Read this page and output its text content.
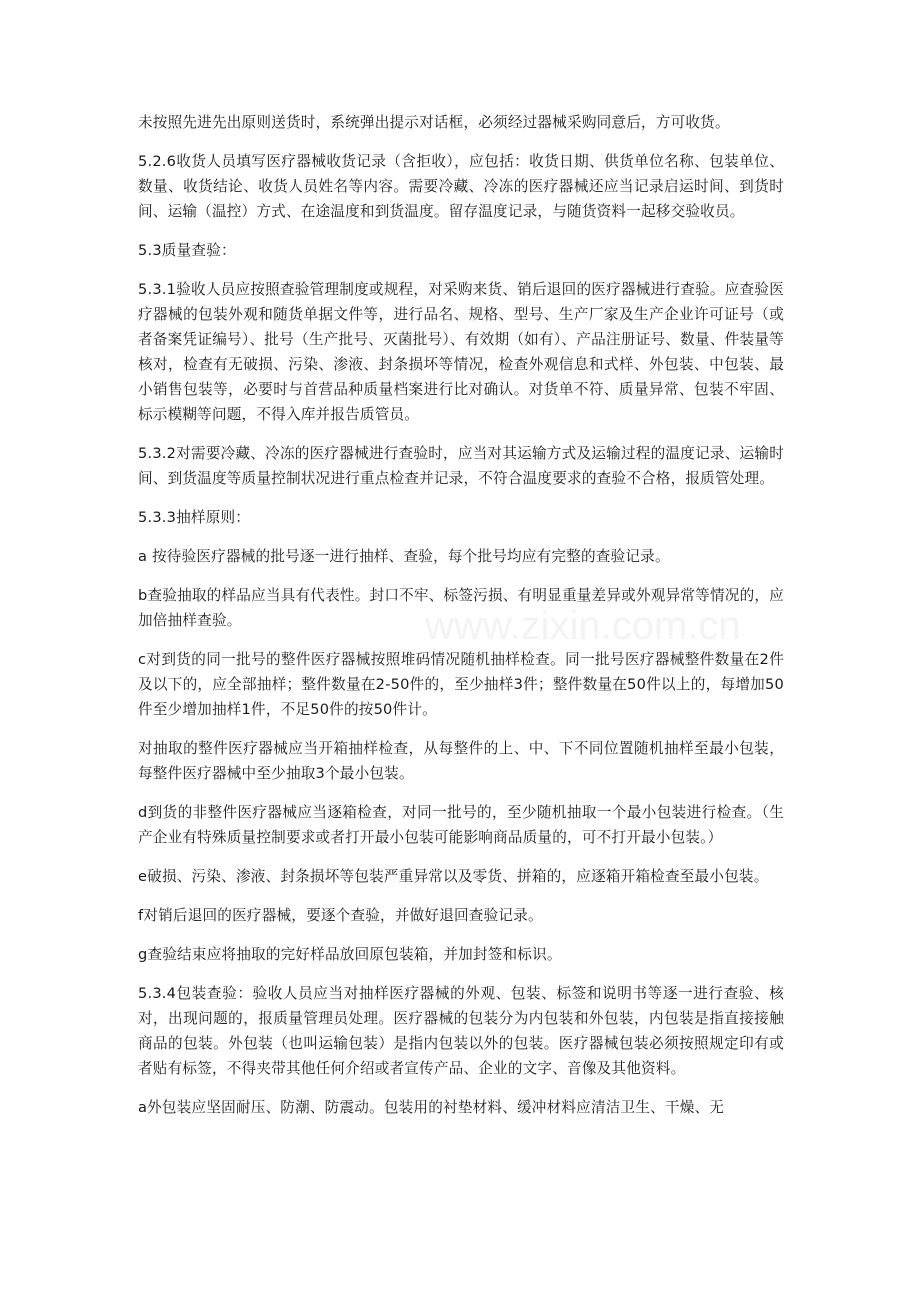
未按照先进先出原则送货时，系统弹出提示对话框，必须经过器械采购同意后，方可收货。

5.2.6收货人员填写医疗器械收货记录（含拒收），应包括：收货日期、供货单位名称、包装单位、数量、收货结论、收货人员姓名等内容。需要冷藏、冷冻的医疗器械还应当记录启运时间、到货时间、运输（温控）方式、在途温度和到货温度。留存温度记录，与随货资料一起移交验收员。

5.3质量查验：

5.3.1验收人员应按照查验管理制度或规程，对采购来货、销后退回的医疗器械进行查验。应查验医疗器械的包装外观和随货单据文件等，进行品名、规格、型号、生产厂家及生产企业许可证号（或者备案凭证编号）、批号（生产批号、灭菌批号）、有效期（如有）、产品注册证号、数量、件装量等核对，检查有无破损、污染、渗液、封条损坏等情况，检查外观信息和式样、外包装、中包装、最小销售包装等，必要时与首营品种质量档案进行比对确认。对货单不符、质量异常、包装不牢固、标示模糊等问题，不得入库并报告质管员。

5.3.2对需要冷藏、冷冻的医疗器械进行查验时，应当对其运输方式及运输过程的温度记录、运输时间、到货温度等质量控制状况进行重点检查并记录，不符合温度要求的查验不合格，报质管处理。

5.3.3抽样原则：

a 按待验医疗器械的批号逐一进行抽样、查验，每个批号均应有完整的查验记录。

b查验抽取的样品应当具有代表性。封口不牢、标签污损、有明显重量差异或外观异常等情况的，应加倍抽样查验。

c对到货的同一批号的整件医疗器械按照堆码情况随机抽样检查。同一批号医疗器械整件数量在2件及以下的，应全部抽样；整件数量在2-50件的，至少抽样3件；整件数量在50件以上的，每增加50件至少增加抽样1件，不足50件的按50件计。

对抽取的整件医疗器械应当开箱抽样检查，从每整件的上、中、下不同位置随机抽样至最小包装，每整件医疗器械中至少抽取3个最小包装。

d到货的非整件医疗器械应当逐箱检查，对同一批号的，至少随机抽取一个最小包装进行检查。（生产企业有特殊质量控制要求或者打开最小包装可能影响商品质量的，可不打开最小包装。）

e破损、污染、渗液、封条损坏等包装严重异常以及零货、拼箱的，应逐箱开箱检查至最小包装。

f对销后退回的医疗器械，要逐个查验，并做好退回查验记录。

g查验结束应将抽取的完好样品放回原包装箱，并加封签和标识。

5.3.4包装查验：验收人员应当对抽样医疗器械的外观、包装、标签和说明书等逐一进行查验、核对，出现问题的，报质量管理员处理。医疗器械的包装分为内包装和外包装，内包装是指直接接触商品的包装。外包装（也叫运输包装）是指内包装以外的包装。医疗器械包装必须按照规定印有或者贴有标签，不得夹带其他任何介绍或者宣传产品、企业的文字、音像及其他资料。

a外包装应坚固耐压、防潮、防震动。包装用的衬垫材料、缓冲材料应清洁卫生、干燥、无

www.zixin.com.cn
